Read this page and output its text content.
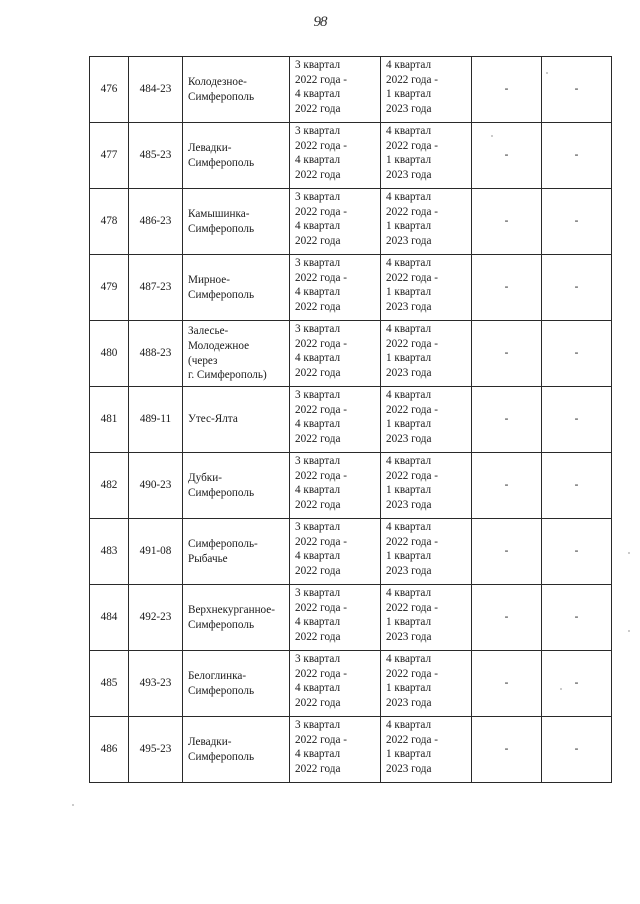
98
476	484-23	Колодезное-
Симферополь	3 квартал
2022 года -
4 квартал
2022 года	4 квартал
2022 года -
1 квартал
2023 года	-	-
477	485-23	Левадки-
Симферополь	3 квартал
2022 года -
4 квартал
2022 года	4 квартал
2022 года -
1 квартал
2023 года	-	-
478	486-23	Камышинка-
Симферополь	3 квартал
2022 года -
4 квартал
2022 года	4 квартал
2022 года -
1 квартал
2023 года	-	-
479	487-23	Мирное-
Симферополь	3 квартал
2022 года -
4 квартал
2022 года	4 квартал
2022 года -
1 квартал
2023 года	-	-
480	488-23	Залесье-
Молодежное
(через
г. Симферополь)	3 квартал
2022 года -
4 квартал
2022 года	4 квартал
2022 года -
1 квартал
2023 года	-	-
481	489-11	Утес-Ялта	3 квартал
2022 года -
4 квартал
2022 года	4 квартал
2022 года -
1 квартал
2023 года	-	-
482	490-23	Дубки-
Симферополь	3 квартал
2022 года -
4 квартал
2022 года	4 квартал
2022 года -
1 квартал
2023 года	-	-
483	491-08	Симферополь-
Рыбачье	3 квартал
2022 года -
4 квартал
2022 года	4 квартал
2022 года -
1 квартал
2023 года	-	-
484	492-23	Верхнекурганное-
Симферополь	3 квартал
2022 года -
4 квартал
2022 года	4 квартал
2022 года -
1 квартал
2023 года	-	-
485	493-23	Белоглинка-
Симферополь	3 квартал
2022 года -
4 квартал
2022 года	4 квартал
2022 года -
1 квартал
2023 года	-	-
486	495-23	Левадки-
Симферополь	3 квартал
2022 года -
4 квартал
2022 года	4 квартал
2022 года -
1 квартал
2023 года	-	-
